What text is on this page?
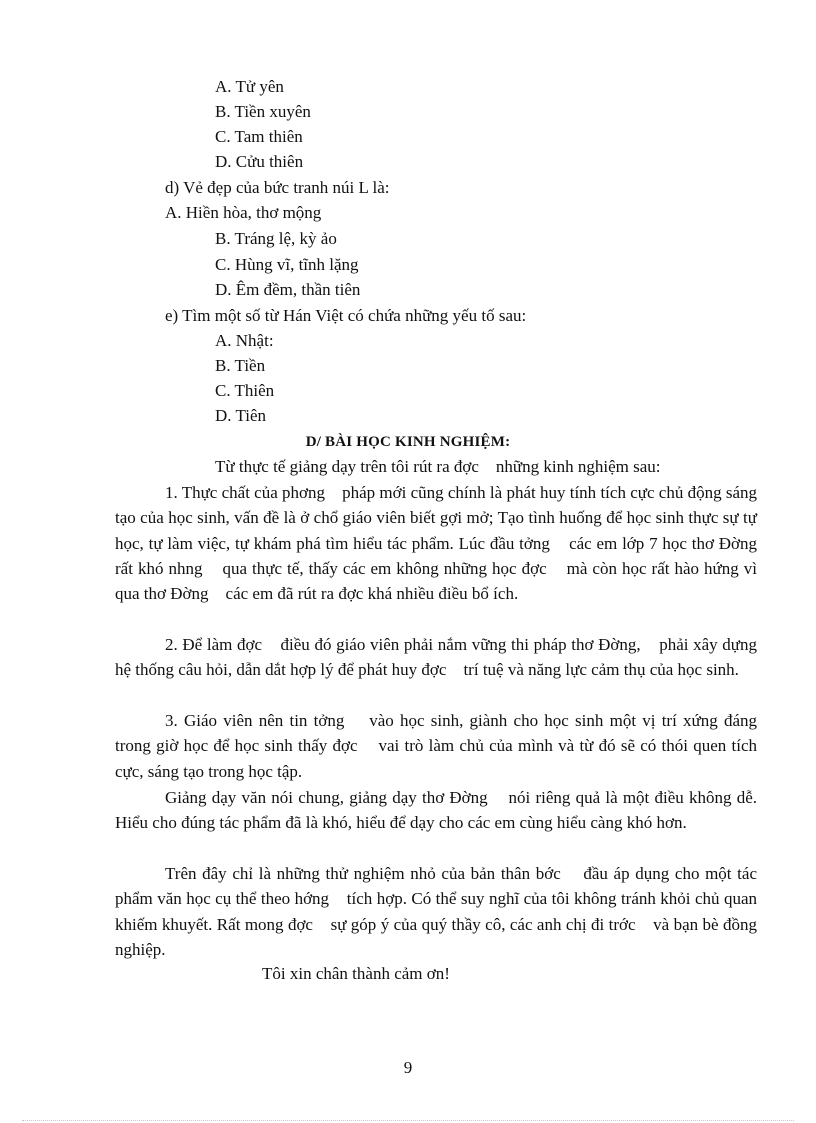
A. Tử yên
B. Tiền xuyên
C. Tam thiên
D. Cửu thiên
d) Vẻ đẹp của bức tranh núi L là:
A. Hiền hòa, thơ mộng
B. Tráng lệ, kỳ ảo
C. Hùng vĩ, tĩnh lặng
D. Êm đềm, thần tiên
e) Tìm một số từ Hán Việt có chứa những yếu tố sau:
A. Nhật:
B. Tiền
C. Thiên
D. Tiên
D/ BÀI HỌC KINH NGHIỆM:
Từ thực tế giảng dạy trên tôi rút ra đợc    những kinh nghiệm sau:
1. Thực chất của phơng    pháp mới cũng chính là phát huy tính tích cực chủ động sáng tạo của học sinh, vấn đề là ở chổ giáo viên biết gợi mở; Tạo tình huống để học sinh thực sự tự học, tự làm việc, tự khám phá tìm hiểu tác phẩm. Lúc đầu tởng    các em lớp 7 học thơ Đờng    rất khó nhng    qua thực tế, thấy các em không những học đợc    mà còn học rất hào hứng vì qua thơ Đờng    các em đã rút ra đợc khá nhiều điều bổ ích.
2. Để làm đợc    điều đó giáo viên phải nắm vững thi pháp thơ Đờng,    phải xây dựng hệ thống câu hỏi, dẫn dắt hợp lý để phát huy đợc    trí tuệ và năng lực cảm thụ của học sinh.
3. Giáo viên nên tin tởng    vào học sinh, giành cho học sinh một vị trí xứng đáng trong giờ học để học sinh thấy đợc    vai trò làm chủ của mình và từ đó sẽ có thói quen tích cực, sáng tạo trong học tập.
Giảng dạy văn nói chung, giảng dạy thơ Đờng    nói riêng quả là một điều không dễ. Hiểu cho đúng tác phẩm đã là khó, hiểu để dạy cho các em cùng hiểu càng khó hơn.
Trên đây chỉ là những thử nghiệm nhỏ của bản thân bớc    đầu áp dụng cho một tác phẩm văn học cụ thể theo hớng    tích hợp. Có thể suy nghĩ của tôi không tránh khỏi chủ quan khiếm khuyết. Rất mong đợc    sự góp ý của quý thầy cô, các anh chị đi trớc    và bạn bè đồng nghiệp.
Tôi xin chân thành cảm ơn!
9
